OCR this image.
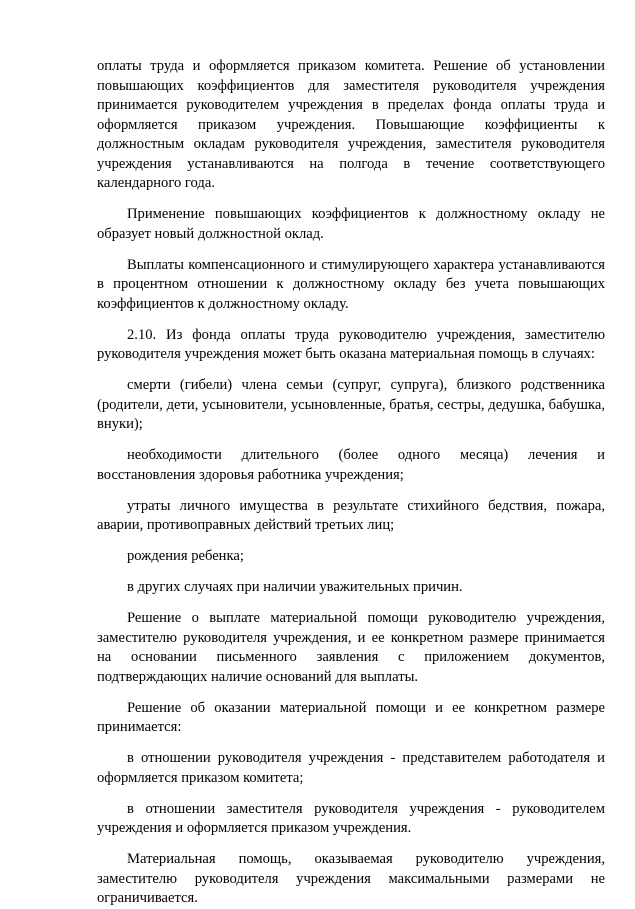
оплаты труда и оформляется приказом комитета. Решение об установлении повышающих коэффициентов для заместителя руководителя учреждения принимается руководителем учреждения в пределах фонда оплаты труда и оформляется приказом учреждения. Повышающие коэффициенты к должностным окладам руководителя учреждения, заместителя руководителя учреждения устанавливаются на полгода в течение соответствующего календарного года.

Применение повышающих коэффициентов к должностному окладу не образует новый должностной оклад.

Выплаты компенсационного и стимулирующего характера устанавливаются в процентном отношении к должностному окладу без учета повышающих коэффициентов к должностному окладу.

2.10. Из фонда оплаты труда руководителю учреждения, заместителю руководителя учреждения может быть оказана материальная помощь в случаях:

смерти (гибели) члена семьи (супруг, супруга), близкого родственника (родители, дети, усыновители, усыновленные, братья, сестры, дедушка, бабушка, внуки);

необходимости длительного (более одного месяца) лечения и восстановления здоровья работника учреждения;

утраты личного имущества в результате стихийного бедствия, пожара, аварии, противоправных действий третьих лиц;

рождения ребенка;

в других случаях при наличии уважительных причин.

Решение о выплате материальной помощи руководителю учреждения, заместителю руководителя учреждения, и ее конкретном размере принимается на основании письменного заявления с приложением документов, подтверждающих наличие оснований для выплаты.

Решение об оказании материальной помощи и ее конкретном размере принимается:

в отношении руководителя учреждения - представителем работодателя и оформляется приказом комитета;

в отношении заместителя руководителя учреждения - руководителем учреждения и оформляется приказом учреждения.

Материальная помощь, оказываемая руководителю учреждения, заместителю руководителя учреждения максимальными размерами не ограничивается.
